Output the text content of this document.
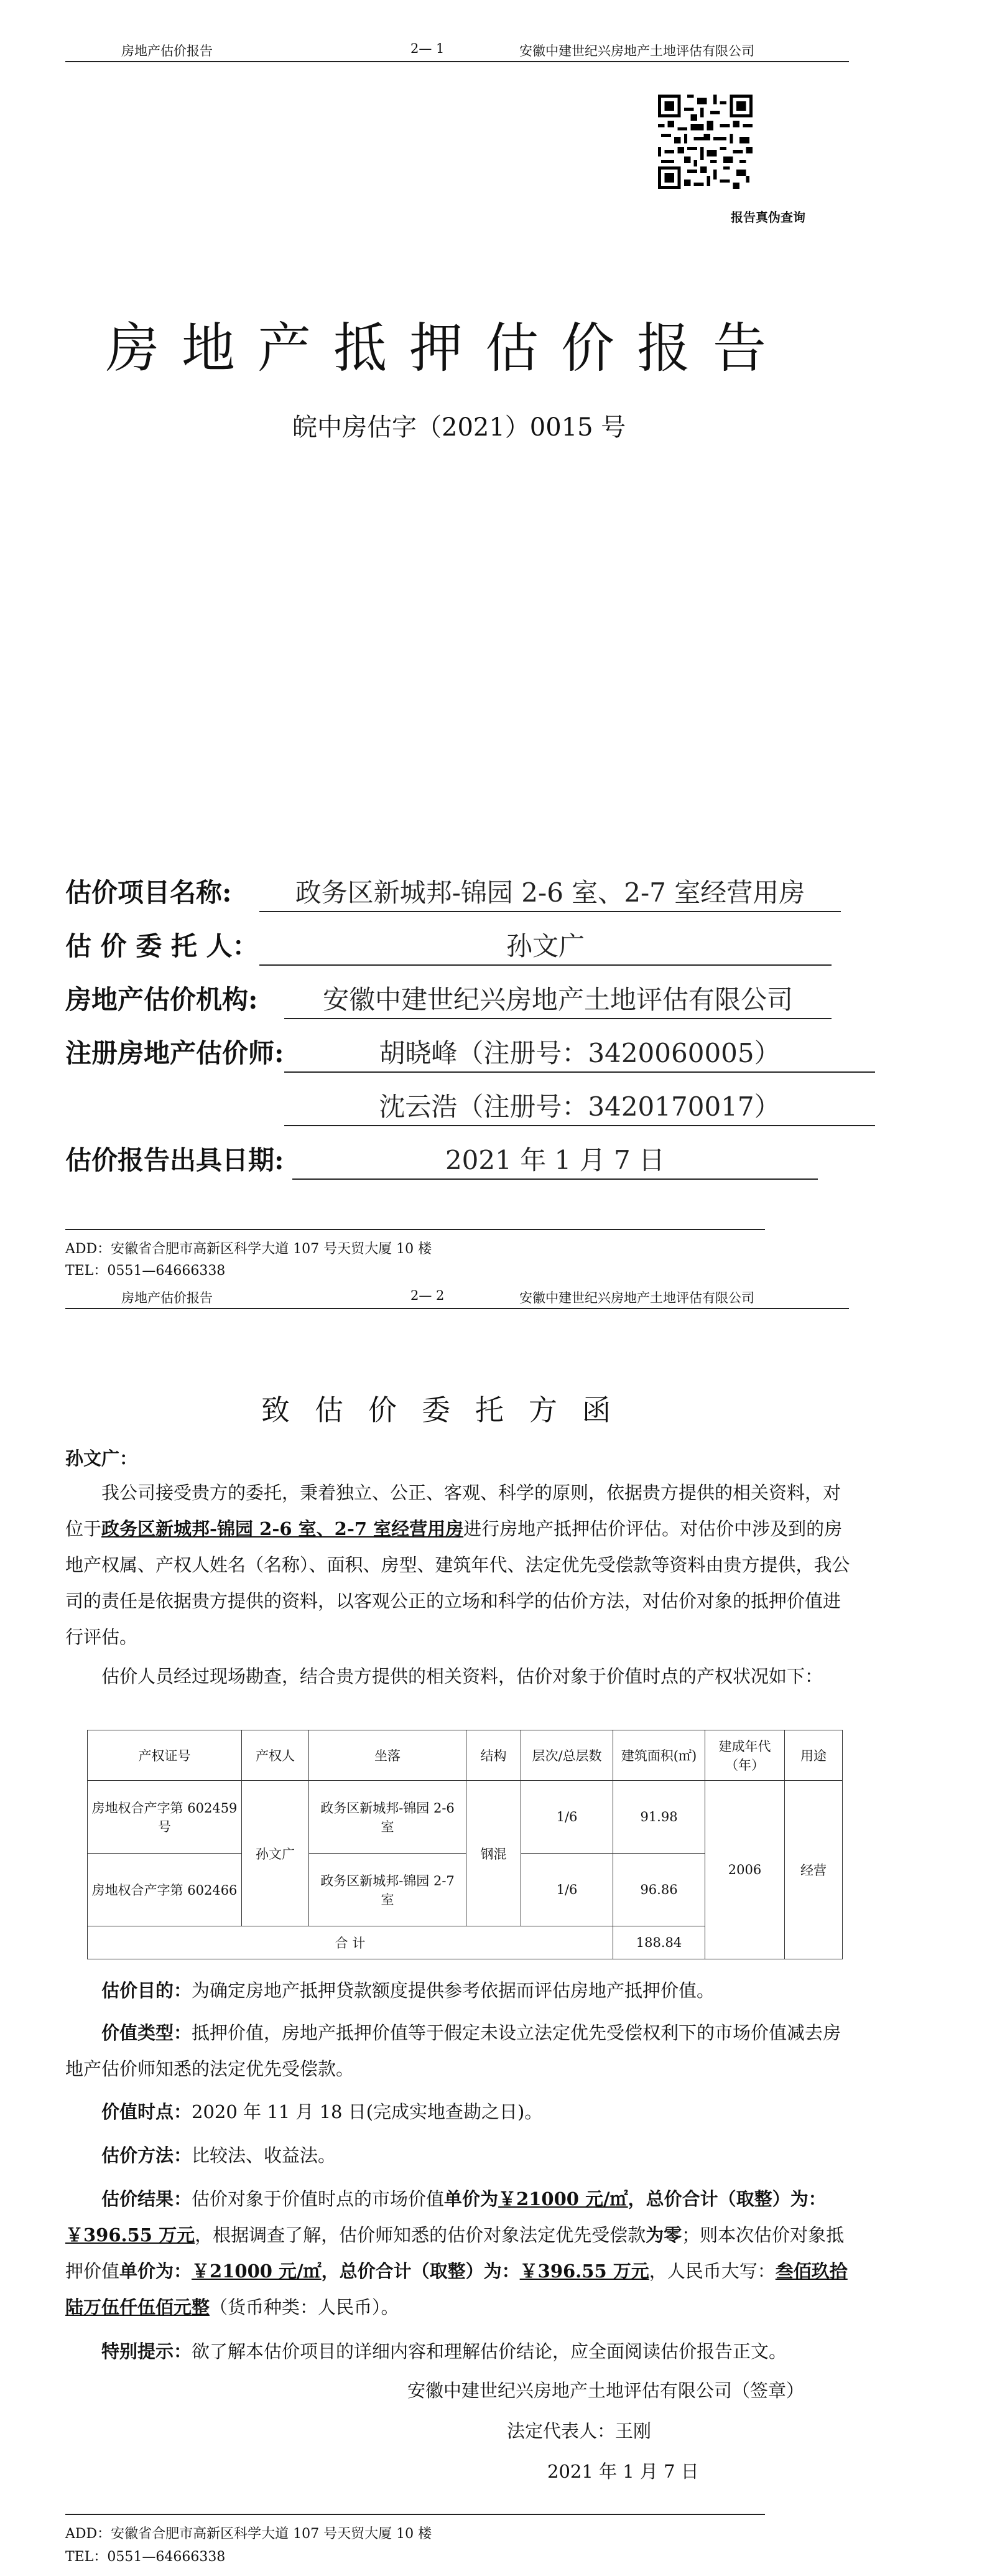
房地产估价报告	2— 1	安徽中建世纪兴房地产土地评估有限公司
报告真伪查询
房地产抵押估价报告
皖中房估字（2021）0015 号
估价项目名称:	政务区新城邦-锦园 2-6 室、2-7 室经营用房
估 价 委 托 人：	孙文广
房地产估价机构:	安徽中建世纪兴房地产土地评估有限公司
注册房地产估价师:	胡晓峰（注册号：3420060005）
沈云浩（注册号：3420170017）
估价报告出具日期:	2021 年 1 月 7 日
ADD：安徽省合肥市高新区科学大道 107 号天贸大厦 10 楼
TEL：0551—64666338
房地产估价报告	2— 2	安徽中建世纪兴房地产土地评估有限公司
致估价委托方函
孙文广：
我公司接受贵方的委托，秉着独立、公正、客观、科学的原则，依据贵方提供的相关资料，对位于政务区新城邦-锦园 2-6 室、2-7 室经营用房进行房地产抵押估价评估。对估价中涉及到的房地产权属、产权人姓名（名称）、面积、房型、建筑年代、法定优先受偿款等资料由贵方提供，我公司的责任是依据贵方提供的资料，以客观公正的立场和科学的估价方法，对估价对象的抵押价值进行评估。
估价人员经过现场勘查，结合贵方提供的相关资料，估价对象于价值时点的产权状况如下：
产权证号	产权人	坐落	结构	层次/总层数	建筑面积(㎡)	建成年代（年）	用途
房地权合产字第 602459 号	孙文广	政务区新城邦-锦园 2-6 室	钢混	1/6	91.98	2006	经营
房地权合产字第 602466		政务区新城邦-锦园 2-7 室		1/6	96.86		
合 计					188.84		
估价目的：为确定房地产抵押贷款额度提供参考依据而评估房地产抵押价值。
价值类型：抵押价值，房地产抵押价值等于假定未设立法定优先受偿权利下的市场价值减去房地产估价师知悉的法定优先受偿款。
价值时点：2020 年 11 月 18 日(完成实地查勘之日)。
估价方法：比较法、收益法。
估价结果：估价对象于价值时点的市场价值单价为￥21000 元/㎡，总价合计（取整）为：￥396.55 万元，根据调查了解，估价师知悉的估价对象法定优先受偿款为零；则本次估价对象抵押价值单价为：￥21000 元/㎡，总价合计（取整）为：￥396.55 万元，人民币大写：叁佰玖拾陆万伍仟伍佰元整（货币种类：人民币）。
特别提示：欲了解本估价项目的详细内容和理解估价结论，应全面阅读估价报告正文。
安徽中建世纪兴房地产土地评估有限公司（签章）
法定代表人：王刚
2021 年 1 月 7 日
ADD：安徽省合肥市高新区科学大道 107 号天贸大厦 10 楼
TEL：0551—64666338
